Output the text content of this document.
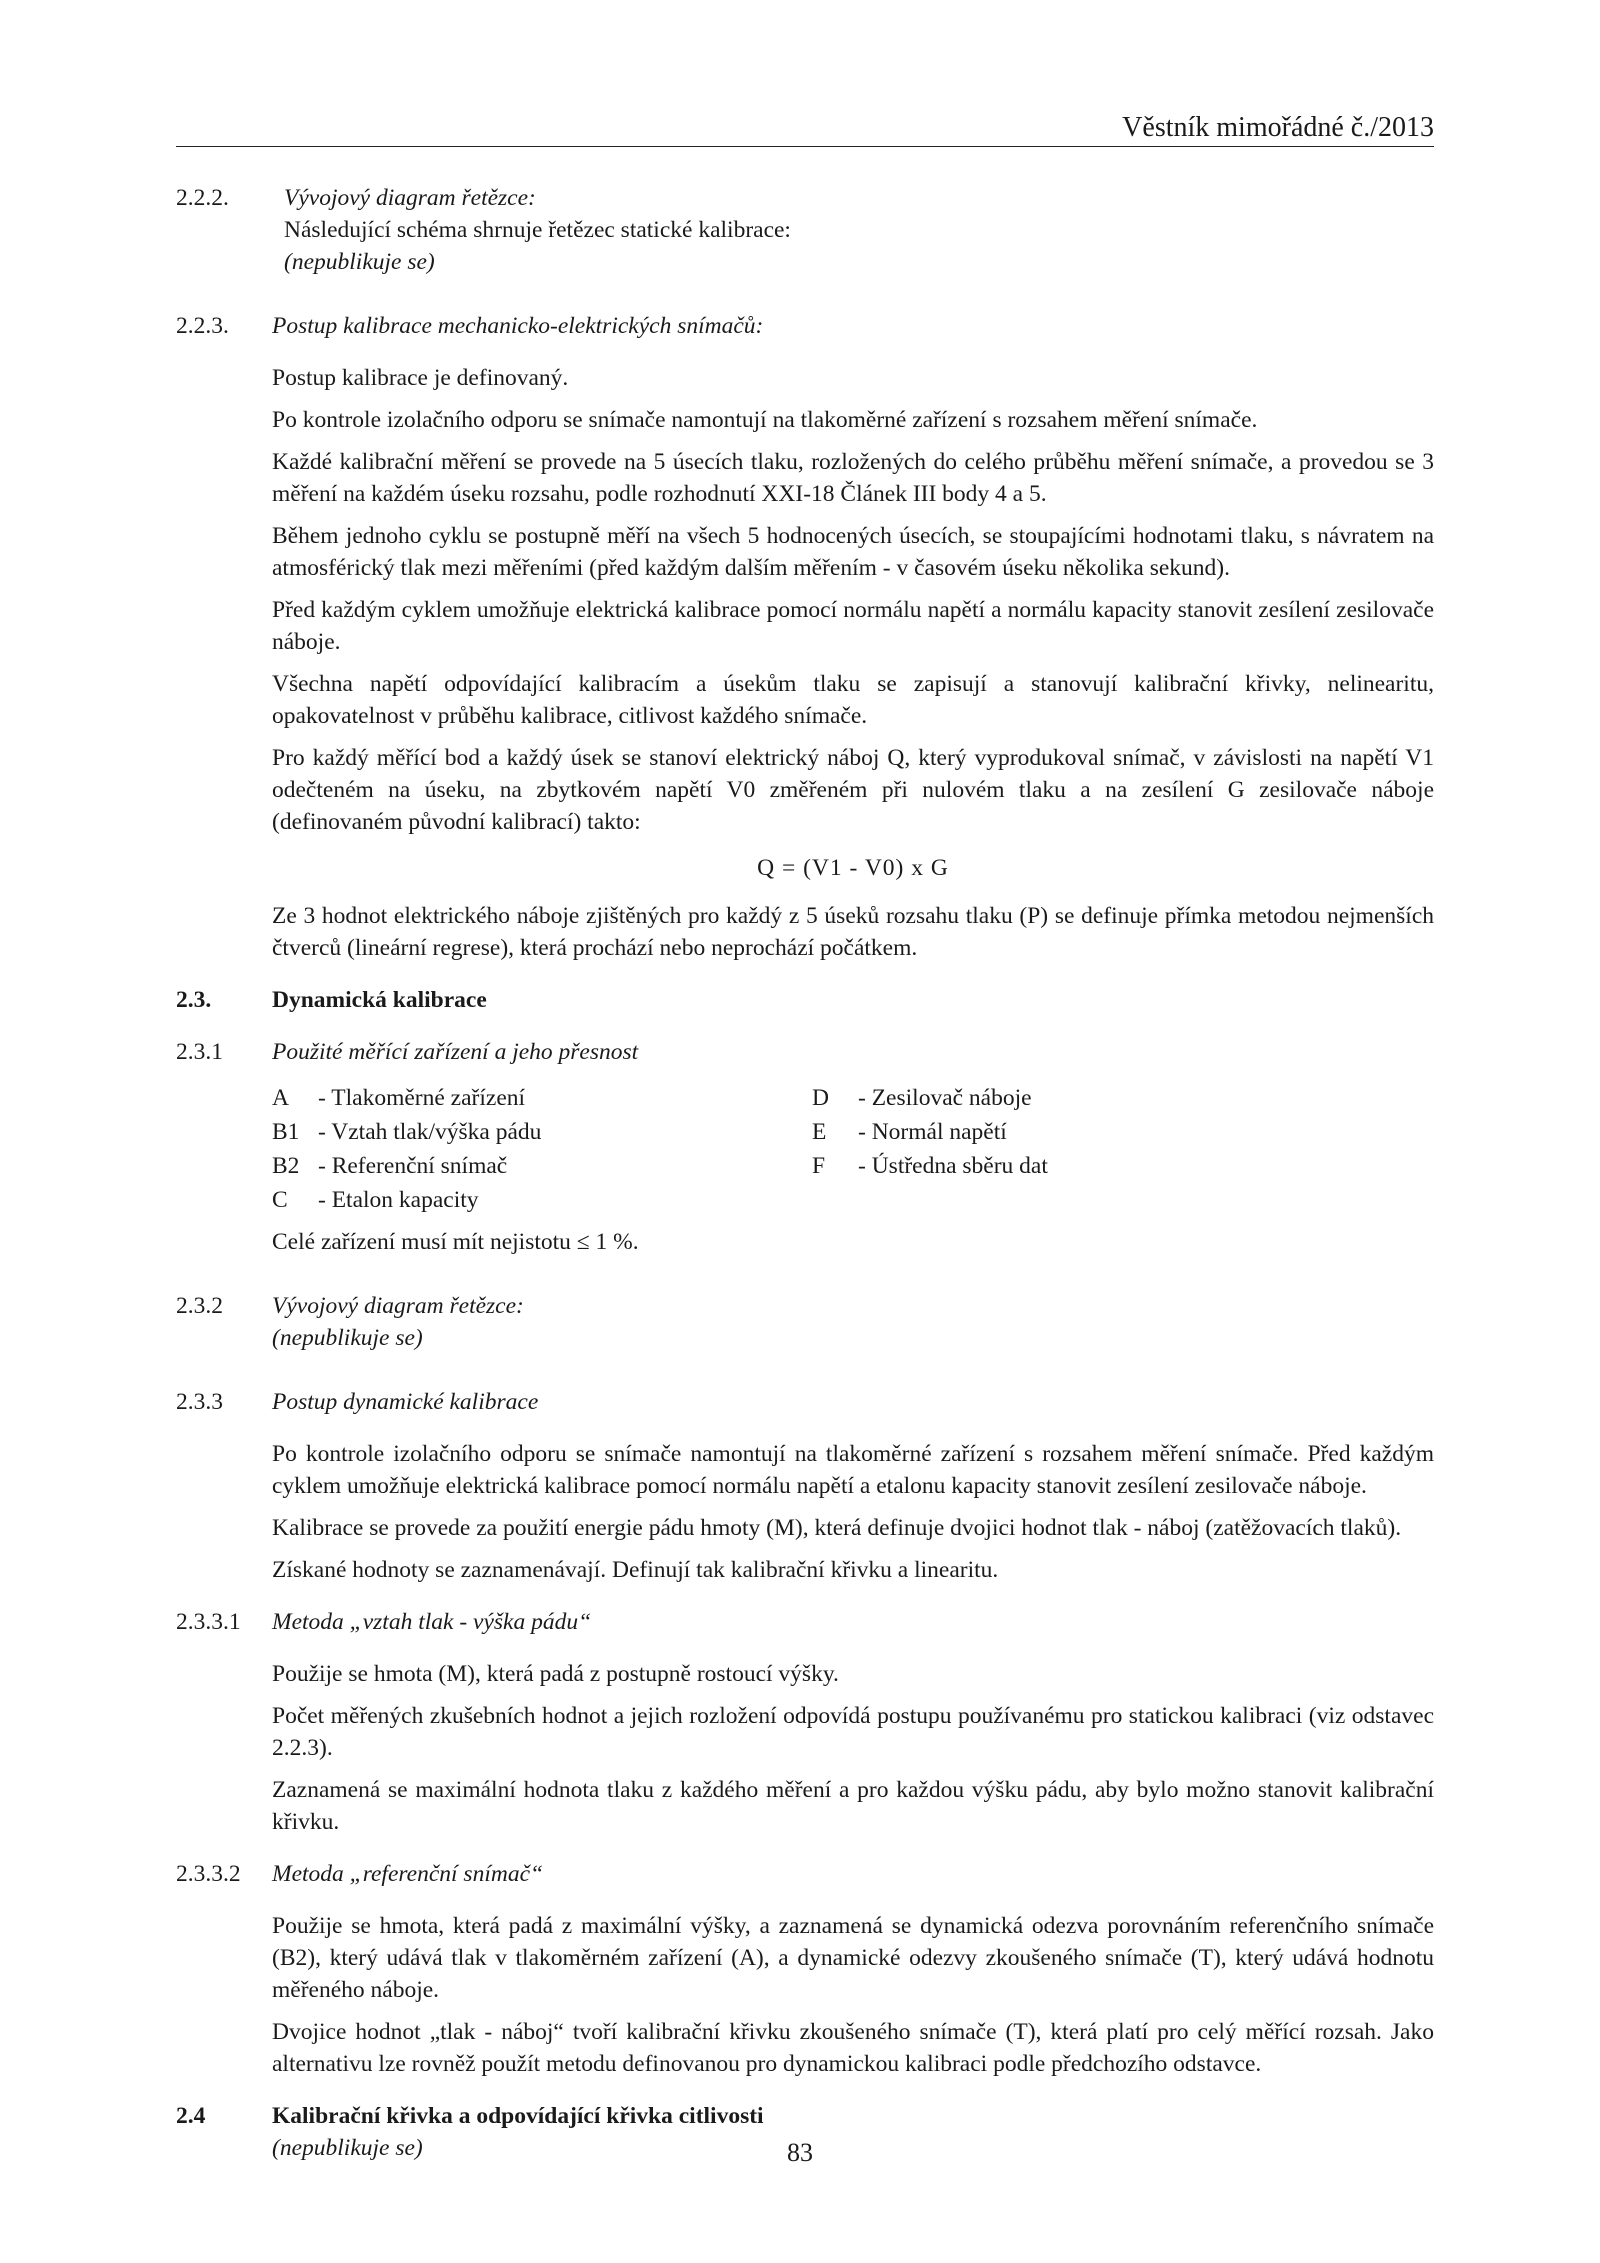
Věstník mimořádné č./2013
2.2.2.	Vývojový diagram řetězce:

Následující schéma shrnuje řetězec statické kalibrace:

(nepublikuje se)

2.2.3.	Postup kalibrace mechanicko-elektrických snímačů:

Postup kalibrace je definovaný.

Po kontrole izolačního odporu se snímače namontují na tlakoměrné zařízení s rozsahem měření snímače.

Každé kalibrační měření se provede na 5 úsecích tlaku, rozložených do celého průběhu měření snímače, a provedou se 3 měření na každém úseku rozsahu, podle rozhodnutí XXI-18 Článek III body 4 a 5.

Během jednoho cyklu se postupně měří na všech 5 hodnocených úsecích, se stoupajícími hodnotami tlaku, s návratem na atmosférický tlak mezi měřeními (před každým dalším měřením - v časovém úseku několika sekund).

Před každým cyklem umožňuje elektrická kalibrace pomocí normálu napětí a normálu kapacity stanovit zesílení zesilovače náboje.

Všechna napětí odpovídající kalibracím a úsekům tlaku se zapisují a stanovují kalibrační křivky, nelinearitu, opakovatelnost v průběhu kalibrace, citlivost každého snímače.

Pro každý měřící bod a každý úsek se stanoví elektrický náboj Q, který vyprodukoval snímač, v závislosti na napětí V1 odečteném na úseku, na zbytkovém napětí V0 změřeném při nulovém tlaku a na zesílení G zesilovače náboje (definovaném původní kalibrací) takto:

Q = (V1 - V0) x G

Ze 3 hodnot elektrického náboje zjištěných pro každý z 5 úseků rozsahu tlaku (P) se definuje přímka metodou nejmenších čtverců (lineární regrese), která prochází nebo neprochází počátkem.

2.3.	Dynamická kalibrace
2.3.1	Použité měřící zařízení a jeho přesnost

A	- Tlakoměrné zařízení	D	- Zesilovač náboje
B1 - Vztah tlak/výška pádu	E	- Normál napětí
B2 - Referenční snímač	F	- Ústředna sběru dat
C	- Etalon kapacity

Celé zařízení musí mít nejistotu ≤ 1 %.

2.3.2	Vývojový diagram řetězce:

(nepublikuje se)

2.3.3	Postup dynamické kalibrace

Po kontrole izolačního odporu se snímače namontují na tlakoměrné zařízení s rozsahem měření snímače. Před každým cyklem umožňuje elektrická kalibrace pomocí normálu napětí a etalonu kapacity stanovit zesílení zesilovače náboje.

Kalibrace se provede za použití energie pádu hmoty (M), která definuje dvojici hodnot tlak - náboj (zatěžovacích tlaků).

Získané hodnoty se zaznamenávají. Definují tak kalibrační křivku a linearitu.

2.3.3.1	Metoda „vztah tlak - výška pádu“

Použije se hmota (M), která padá z postupně rostoucí výšky.

Počet měřených zkušebních hodnot a jejich rozložení odpovídá postupu používanému pro statickou kalibraci (viz odstavec 2.2.3).

Zaznamená se maximální hodnota tlaku z každého měření a pro každou výšku pádu, aby bylo možno stanovit kalibrační křivku.

2.3.3.2	Metoda „referenční snímač“

Použije se hmota, která padá z maximální výšky, a zaznamená se dynamická odezva porovnáním referenčního snímače (B2), který udává tlak v tlakoměrném zařízení (A), a dynamické odezvy zkoušeného snímače (T), který udává hodnotu měřeného náboje.

Dvojice hodnot „tlak - náboj“ tvoří kalibrační křivku zkoušeného snímače (T), která platí pro celý měřící rozsah. Jako alternativu lze rovněž použít metodu definovanou pro dynamickou kalibraci podle předchozího odstavce.

2.4	Kalibrační křivka a odpovídající křivka citlivosti

(nepublikuje se)	83
